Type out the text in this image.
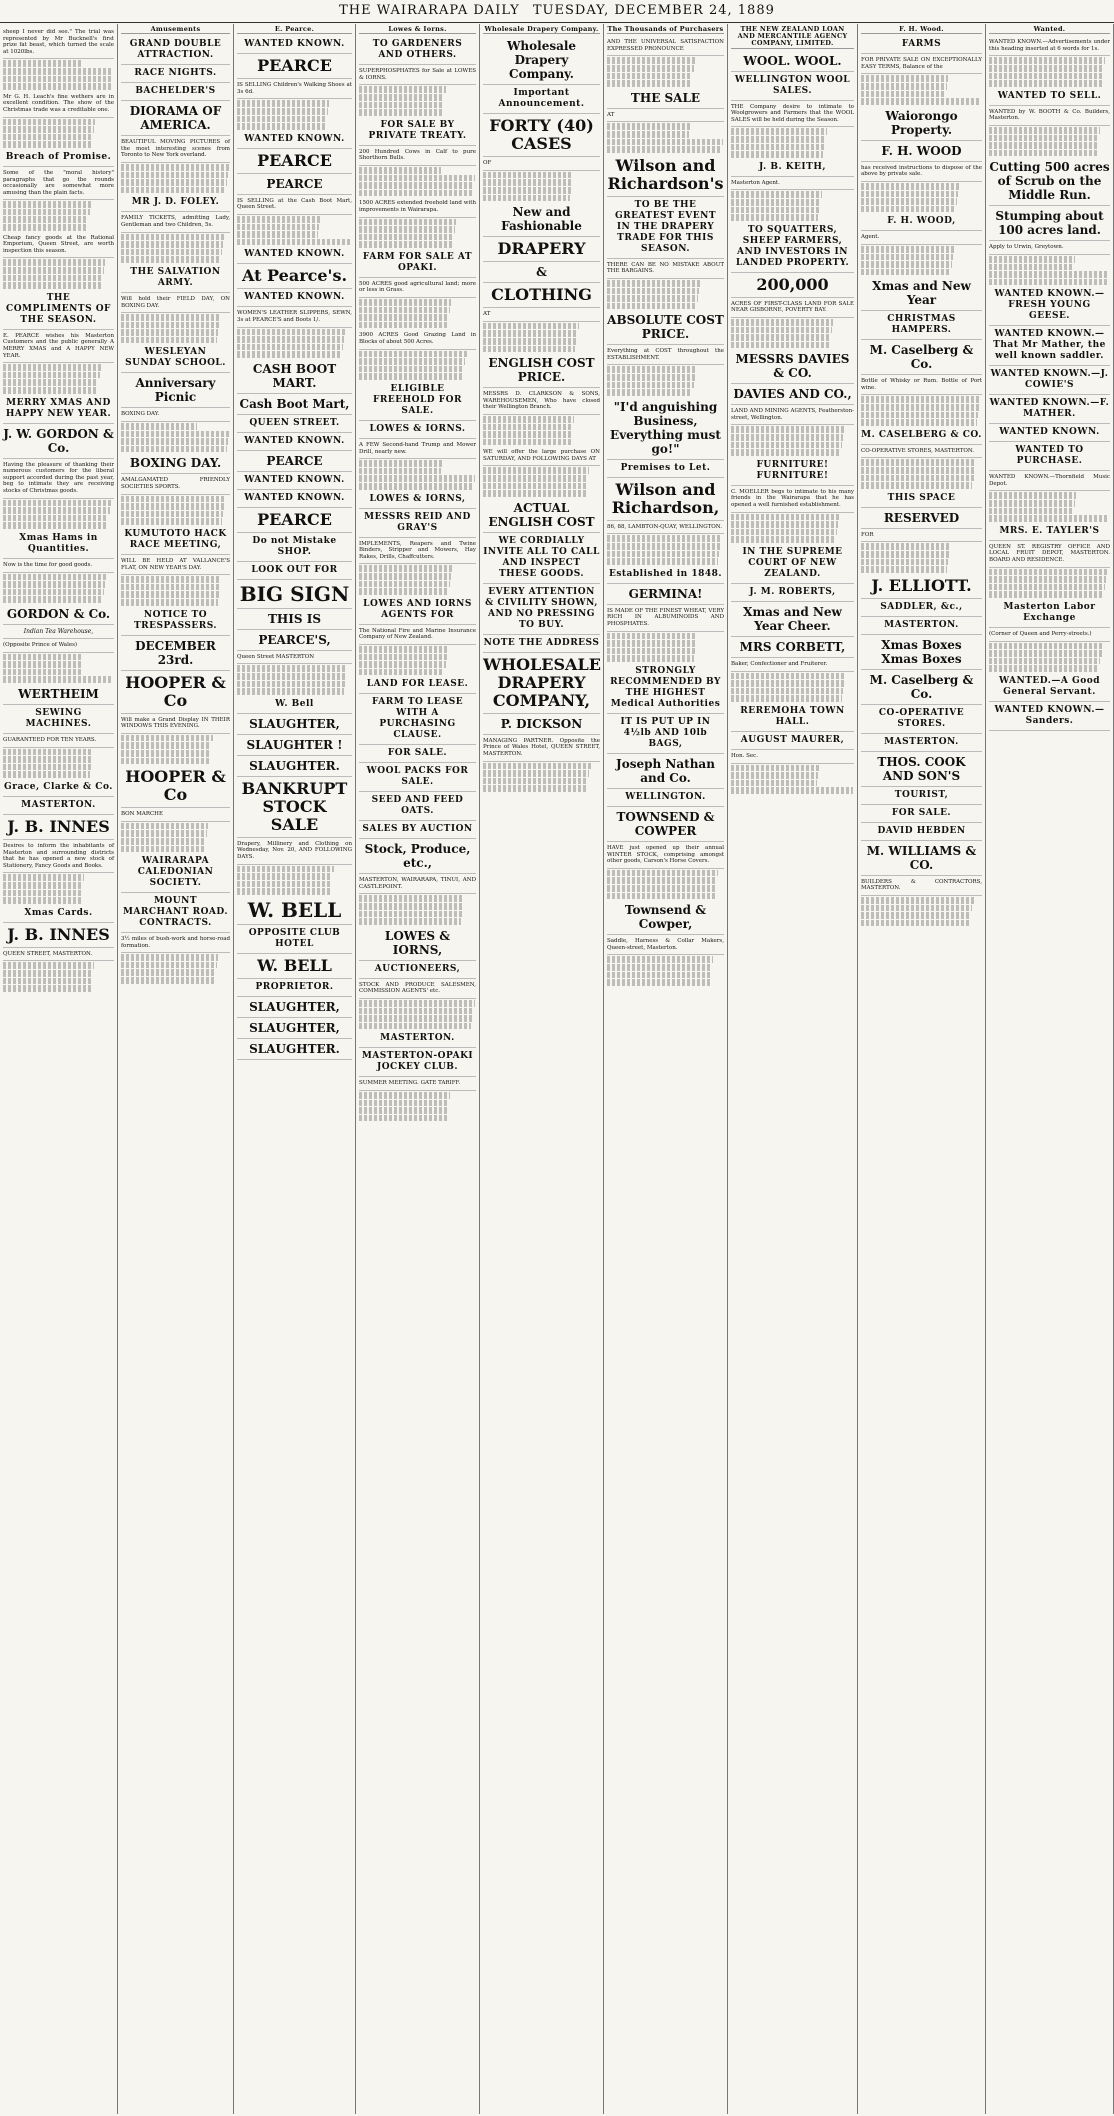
THE WAIRARAPA DAILY TUESDAY, DECEMBER 24, 1889
sheep I never did see." The trial was represented by Mr Bucknell's first prize fat beast, which turned the scale at 1020lbs.
Mr G. H. Leach's fine wethers are in excellent condition. The show of the Christmas trade was a creditable one.
Breach of Promise.
Some of the "moral history" paragraphs that go the rounds occasionally are somewhat more amusing than the plain facts.
Cheap fancy goods at the Rational Emporium, Queen Street, are worth inspection this season.
THE COMPLIMENTS OF THE SEASON.
E. PEARCE wishes his Masterton Customers and the public generally A MERRY XMAS and A HAPPY NEW YEAR.
MERRY XMAS AND HAPPY NEW YEAR.
J. W. GORDON & Co.
Having the pleasure of thanking their numerous customers for the liberal support accorded during the past year, beg to intimate they are receiving stocks of Christmas goods.
Xmas Hams in Quantities.
Now is the time for good goods.
GORDON & Co.
Indian Tea Warehouse,
(Opposite Prince of Wales)
WERTHEIM
SEWING MACHINES.
GUARANTEED FOR TEN YEARS.
Grace, Clarke & Co.
MASTERTON.
J. B. INNES
Desires to inform the inhabitants of Masterton and surrounding districts that he has opened a new stock of Stationery, Fancy Goods and Books.
Xmas Cards.
J. B. INNES
QUEEN STREET, MASTERTON.
Amusements
GRAND DOUBLE ATTRACTION.
RACE NIGHTS.
BACHELDER'S
DIORAMA OF AMERICA.
BEAUTIFUL MOVING PICTURES of the most interesting scenes from Toronto to New York overland.
MR J. D. FOLEY.
FAMILY TICKETS, admitting Lady, Gentleman and two Children, 5s.
THE SALVATION ARMY.
Will hold their FIELD DAY, ON BOXING DAY.
WESLEYAN SUNDAY SCHOOL.
Anniversary Picnic
BOXING DAY.
BOXING DAY.
AMALGAMATED FRIENDLY SOCIETIES SPORTS.
KUMUTOTO HACK RACE MEETING,
WILL BE HELD AT VALLANCE'S FLAT, ON NEW YEAR'S DAY.
NOTICE TO TRESPASSERS.
DECEMBER 23rd.
HOOPER & Co
Will make a Grand Display IN THEIR WINDOWS THIS EVENING.
HOOPER & Co
BON MARCHE
WAIRARAPA CALEDONIAN SOCIETY.
MOUNT MARCHANT ROAD. CONTRACTS.
3½ miles of bush-work and horse-road formation.
E. Pearce.
WANTED KNOWN.
PEARCE
IS SELLING Children's Walking Shoes at 3s 6d.
WANTED KNOWN.
PEARCE
PEARCE
IS SELLING at the Cash Boot Mart, Queen Street.
WANTED KNOWN.
At Pearce's.
WANTED KNOWN.
WOMEN'S LEATHER SLIPPERS, SEWN, 3s at PEARCE'S and Boots 1/.
CASH BOOT MART.
Cash Boot Mart,
QUEEN STREET.
WANTED KNOWN.
PEARCE
WANTED KNOWN.
WANTED KNOWN.
PEARCE
Do not Mistake SHOP.
LOOK OUT FOR
BIG SIGN
THIS IS
PEARCE'S,
Queen Street MASTERTON
W. Bell
SLAUGHTER,
SLAUGHTER !
SLAUGHTER.
BANKRUPT STOCK SALE
Drapery, Millinery and Clothing on Wednesday, Nov. 20, AND FOLLOWING DAYS.
W. BELL
OPPOSITE CLUB HOTEL
W. BELL
PROPRIETOR.
SLAUGHTER,
SLAUGHTER,
SLAUGHTER.
Lowes & Iorns.
TO GARDENERS AND OTHERS.
SUPERPHOSPHATES for Sale at LOWES & IORNS.
FOR SALE BY PRIVATE TREATY.
200 Hundred Cows in Calf to pure Shorthorn Bulls.
1500 ACRES extended freehold land with improvements in Wairarapa.
FARM FOR SALE AT OPAKI.
500 ACRES good agricultural land; more or less in Grass.
3900 ACRES Good Grazing Land in Blocks of about 500 Acres.
ELIGIBLE FREEHOLD FOR SALE.
LOWES & IORNS.
A FEW Second-hand Trump and Mower Drill, nearly new.
LOWES & IORNS,
MESSRS REID AND GRAY'S
IMPLEMENTS, Reapers and Twine Binders, Stripper and Mowers, Hay Rakes, Drills, Chaffcutters.
LOWES AND IORNS AGENTS FOR
The National Fire and Marine Insurance Company of New Zealand.
LAND FOR LEASE.
FARM TO LEASE WITH A PURCHASING CLAUSE.
FOR SALE.
WOOL PACKS FOR SALE.
SEED AND FEED OATS.
SALES BY AUCTION
Stock, Produce, etc.,
MASTERTON, WAIRARAPA, TINUI, AND CASTLEPOINT.
LOWES & IORNS,
AUCTIONEERS,
STOCK AND PRODUCE SALESMEN, COMMISSION AGENTS' etc.
MASTERTON.
MASTERTON-OPAKI JOCKEY CLUB.
SUMMER MEETING. GATE TARIFF.
Wholesale Drapery Company.
Wholesale Drapery Company.
Important Announcement.
FORTY (40) CASES
OF
New and Fashionable
DRAPERY
&
CLOTHING
AT
ENGLISH COST PRICE.
MESSRS D. CLARKSON & SONS, WAREHOUSEMEN, Who have closed their Wellington Branch.
WE will offer the large purchase ON SATURDAY, AND FOLLOWING DAYS AT
ACTUAL ENGLISH COST
WE CORDIALLY INVITE ALL TO CALL AND INSPECT THESE GOODS.
EVERY ATTENTION & CIVILITY SHOWN, AND NO PRESSING TO BUY.
NOTE THE ADDRESS
WHOLESALE DRAPERY COMPANY,
P. DICKSON
MANAGING PARTNER. Opposite the Prince of Wales Hotel, QUEEN STREET, MASTERTON.
The Thousands of Purchasers
AND THE UNIVERSAL SATISFACTION EXPRESSED PRONOUNCE
THE SALE
AT
Wilson and Richardson's
TO BE THE GREATEST EVENT IN THE DRAPERY TRADE FOR THIS SEASON.
THERE CAN BE NO MISTAKE ABOUT THE BARGAINS.
ABSOLUTE COST PRICE.
Everything at COST throughout the ESTABLISHMENT.
"I'd anguishing Business, Everything must go!"
Premises to Let.
Wilson and Richardson,
86, 88, LAMBTON-QUAY, WELLINGTON.
Established in 1848.
GERMINA!
IS MADE OF THE FINEST WHEAT, VERY RICH IN ALBUMINOIDS AND PHOSPHATES.
STRONGLY RECOMMENDED BY THE HIGHEST Medical Authorities
IT IS PUT UP IN 4½lb AND 10lb BAGS,
Joseph Nathan and Co.
WELLINGTON.
TOWNSEND & COWPER
HAVE just opened up their annual WINTER STOCK, comprising amongst other goods, Carson's Horse Covers.
Townsend & Cowper,
Saddle, Harness & Collar Makers, Queen-street, Masterton.
THE NEW ZEALAND LOAN AND MERCANTILE AGENCY COMPANY, LIMITED.
WOOL. WOOL.
WELLINGTON WOOL SALES.
THE Company desire to intimate to Woolgrowers and Farmers that the WOOL SALES will be held during the Season.
J. B. KEITH,
Masterton Agent.
TO SQUATTERS, SHEEP FARMERS, AND INVESTORS IN LANDED PROPERTY.
200,000
ACRES OF FIRST-CLASS LAND FOR SALE NEAR GISBORNE, POVERTY BAY.
MESSRS DAVIES & CO.
DAVIES AND CO.,
LAND AND MINING AGENTS, Featherston-street, Wellington.
FURNITURE! FURNITURE!
C. MOELLER begs to intimate to his many friends in the Wairarapa that he has opened a well furnished establishment.
IN THE SUPREME COURT OF NEW ZEALAND.
J. M. ROBERTS,
Xmas and New Year Cheer.
MRS CORBETT,
Baker, Confectioner and Fruiterer.
REREMOHA TOWN HALL.
AUGUST MAURER,
Hon. Sec.
F. H. Wood.
FARMS
FOR PRIVATE SALE ON EXCEPTIONALLY EASY TERMS, Balance of the
Waiorongo Property.
F. H. WOOD
has received instructions to dispose of the above by private sale.
F. H. WOOD,
Agent.
Xmas and New Year
CHRISTMAS HAMPERS.
M. Caselberg & Co.
Bottle of Whisky or Rum. Bottle of Port wine.
M. CASELBERG & CO.
CO-OPERATIVE STORES, MASTERTON.
THIS SPACE
RESERVED
FOR
J. ELLIOTT.
SADDLER, &c.,
MASTERTON.
Xmas Boxes Xmas Boxes
M. Caselberg & Co.
CO-OPERATIVE STORES.
MASTERTON.
THOS. COOK AND SON'S
TOURIST,
FOR SALE.
DAVID HEBDEN
M. WILLIAMS & CO.
BUILDERS & CONTRACTORS, MASTERTON.
Wanted.
WANTED KNOWN.—Advertisements under this heading inserted at 6 words for 1s.
WANTED TO SELL.
WANTED by W. BOOTH & Co. Builders, Masterton.
Cutting 500 acres of Scrub on the Middle Run.
Stumping about 100 acres land.
Apply to Urwin, Greytown.
WANTED KNOWN.—FRESH YOUNG GEESE.
WANTED KNOWN.—That Mr Mather, the well known saddler.
WANTED KNOWN.—J. COWIE'S
WANTED KNOWN.—F. MATHER.
WANTED KNOWN.
WANTED TO PURCHASE.
WANTED KNOWN.—Thornfield Music Depot.
MRS. E. TAYLER'S
QUEEN ST. REGISTRY OFFICE AND LOCAL FRUIT DEPOT, MASTERTON. BOARD AND RESIDENCE.
Masterton Labor Exchange
(Corner of Queen and Perry-streets.)
WANTED.—A Good General Servant.
WANTED KNOWN.—Sanders.
